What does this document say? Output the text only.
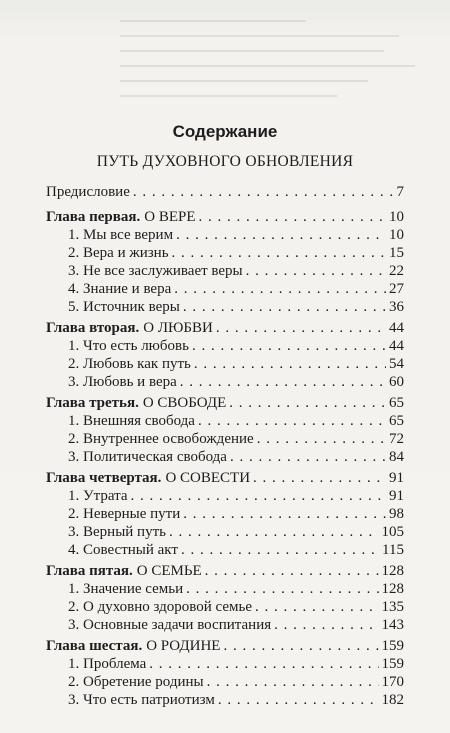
Содержание
ПУТЬ ДУХОВНОГО ОБНОВЛЕНИЯ
Предисловие . . .	7
Глава первая. О ВЕРЕ . . .	10
1. Мы все верим . . .	10
2. Вера и жизнь . . .	15
3. Не все заслуживает веры . . .	22
4. Знание и вера . . .	27
5. Источник веры . . .	36
Глава вторая. О ЛЮБВИ . . .	44
1. Что есть любовь . . .	44
2. Любовь как путь . . .	54
3. Любовь и вера . . .	60
Глава третья. О СВОБОДЕ . . .	65
1. Внешняя свобода . . .	65
2. Внутреннее освобождение . . .	72
3. Политическая свобода . . .	84
Глава четвертая. О СОВЕСТИ . . .	91
1. Утрата . . .	91
2. Неверные пути . . .	98
3. Верный путь . . .	105
4. Совестный акт . . .	115
Глава пятая. О СЕМЬЕ . . .	128
1. Значение семьи . . .	128
2. О духовно здоровой семье . . .	135
3. Основные задачи воспитания . . .	143
Глава шестая. О РОДИНЕ . . .	159
1. Проблема . . .	159
2. Обретение родины . . .	170
3. Что есть патриотизм . . .	182
